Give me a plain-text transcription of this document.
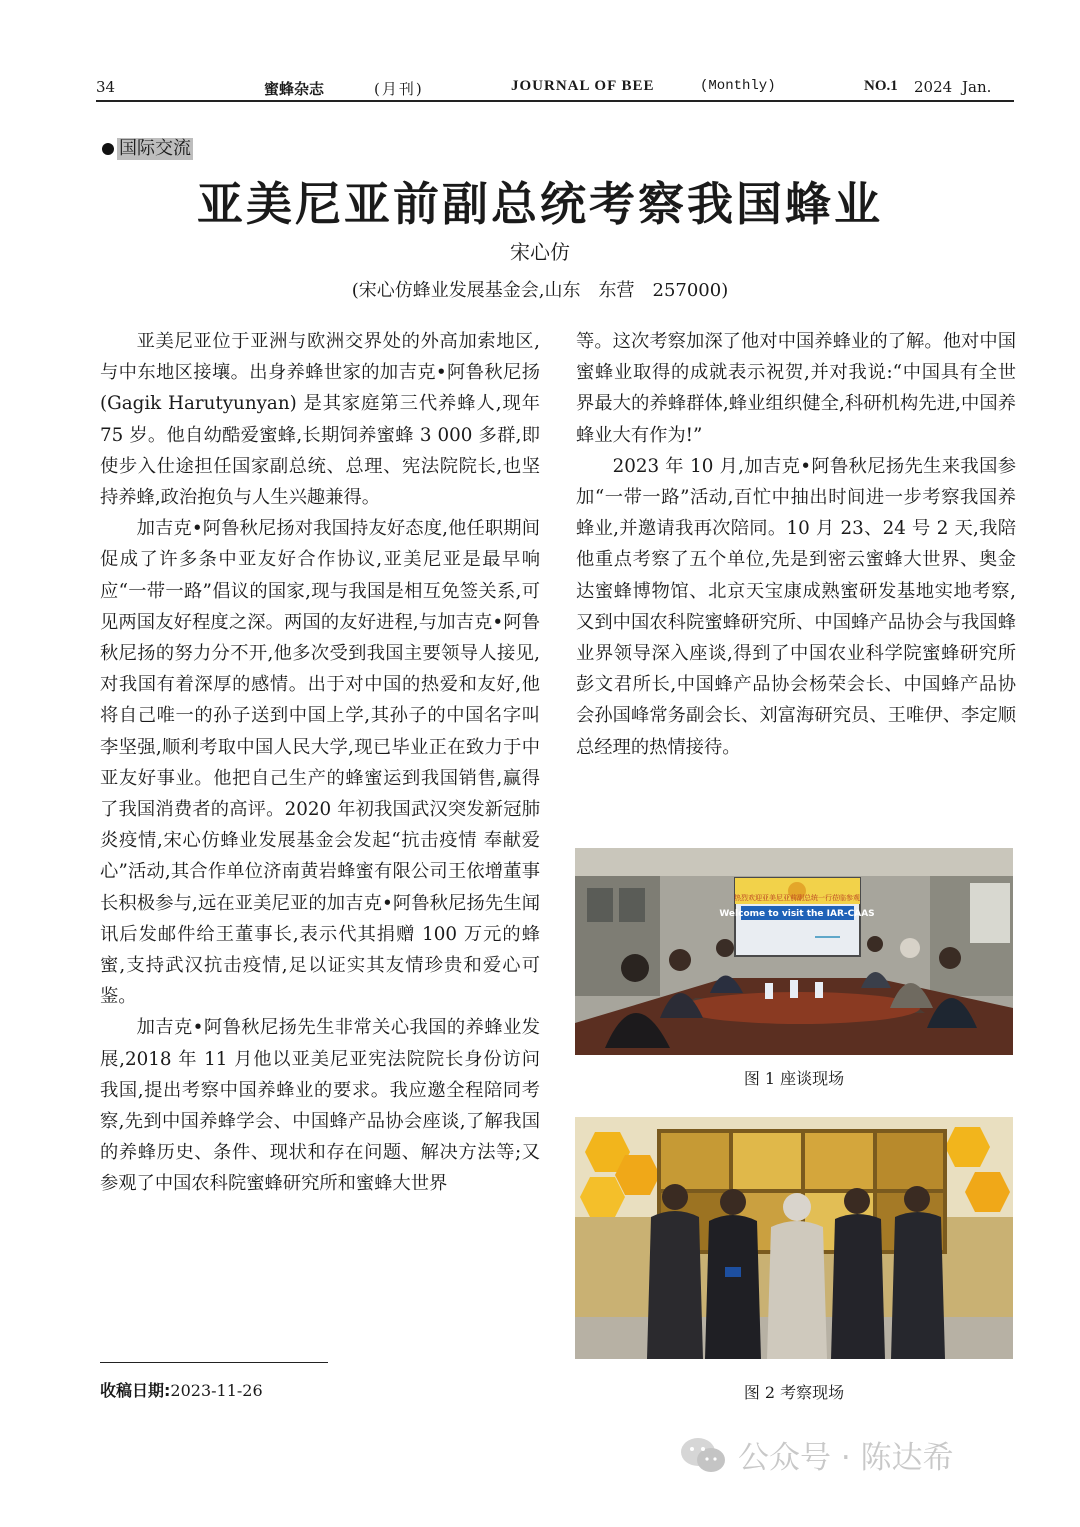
34	蜜蜂杂志	(月刊)	JOURNAL OF BEE	(Monthly)	NO.1 2024 Jan.
国际交流
亚美尼亚前副总统考察我国蜂业
宋心仿
(宋心仿蜂业发展基金会,山东　东营　257000)

亚美尼亚位于亚洲与欧洲交界处的外高加索地区,与中东地区接壤。出身养蜂世家的加吉克•阿鲁秋尼扬 (Gagik Harutyunyan) 是其家庭第三代养蜂人,现年 75 岁。他自幼酷爱蜜蜂,长期饲养蜜蜂 3 000 多群,即使步入仕途担任国家副总统、总理、宪法院院长,也坚持养蜂,政治抱负与人生兴趣兼得。

加吉克•阿鲁秋尼扬对我国持友好态度,他任职期间促成了许多条中亚友好合作协议,亚美尼亚是最早响应“一带一路”倡议的国家,现与我国是相互免签关系,可见两国友好程度之深。两国的友好进程,与加吉克•阿鲁秋尼扬的努力分不开,他多次受到我国主要领导人接见,对我国有着深厚的感情。出于对中国的热爱和友好,他将自己唯一的孙子送到中国上学,其孙子的中国名字叫李坚强,顺利考取中国人民大学,现已毕业正在致力于中亚友好事业。他把自己生产的蜂蜜运到我国销售,赢得了我国消费者的高评。2020 年初我国武汉突发新冠肺炎疫情,宋心仿蜂业发展基金会发起“抗击疫情 奉献爱心”活动,其合作单位济南黄岩蜂蜜有限公司王依增董事长积极参与,远在亚美尼亚的加吉克•阿鲁秋尼扬先生闻讯后发邮件给王董事长,表示代其捐赠 100 万元的蜂蜜,支持武汉抗击疫情,足以证实其友情珍贵和爱心可鉴。

加吉克•阿鲁秋尼扬先生非常关心我国的养蜂业发展,2018 年 11 月他以亚美尼亚宪法院院长身份访问我国,提出考察中国养蜂业的要求。我应邀全程陪同考察,先到中国养蜂学会、中国蜂产品协会座谈,了解我国的养蜂历史、条件、现状和存在问题、解决方法等;又参观了中国农科院蜜蜂研究所和蜜蜂大世界

等。这次考察加深了他对中国养蜂业的了解。他对中国蜜蜂业取得的成就表示祝贺,并对我说:“中国具有全世界最大的养蜂群体,蜂业组织健全,科研机构先进,中国养蜂业大有作为!”

2023 年 10 月,加吉克•阿鲁秋尼扬先生来我国参加“一带一路”活动,百忙中抽出时间进一步考察我国养蜂业,并邀请我再次陪同。10 月 23、24 号 2 天,我陪他重点考察了五个单位,先是到密云蜜蜂大世界、奥金达蜜蜂博物馆、北京天宝康成熟蜜研发基地实地考察,又到中国农科院蜜蜂研究所、中国蜂产品协会与我国蜂业界领导深入座谈,得到了中国农业科学院蜜蜂研究所彭文君所长,中国蜂产品协会杨荣会长、中国蜂产品协会孙国峰常务副会长、刘富海研究员、王唯伊、李定顺总经理的热情接待。

Welcome to visit the IAR-CAAS
热烈欢迎亚美尼亚前副总统一行莅临参观
图 1 座谈现场
图 2 考察现场
收稿日期:2023-11-26
公众号 · 陈达希
